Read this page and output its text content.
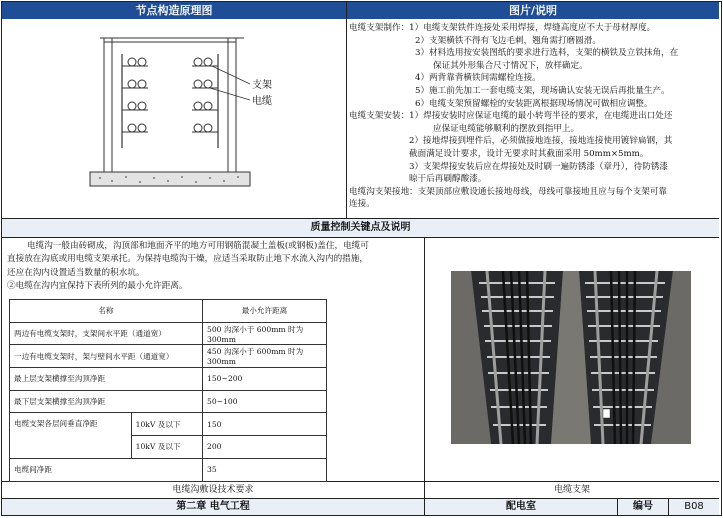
节点构造原理图	图片/说明
支架
电缆
电缆支架制作：1）电缆支架铁件连接处采用焊接，焊缝高度应不大于母材厚度。
2）支架横铁不得有飞边毛刺，翘角需打磨圆滑。
3）材料选用按安装图纸的要求进行选料，支架的横铁及立铁抹角，在
保证其外形集合尺寸情况下，放样确定。
4）两背靠背横铁间需螺栓连接。
5）施工前先加工一套电缆支架，现场确认安装无误后再批量生产。
6）电缆支架预留螺栓的安装距离根据现场情况可做相应调整。
电缆支架安装：1）焊接安装时应保证电缆的最小转弯半径的要求，在电缆进出口处还
应保证电缆能够顺利的摆放到指甲上。
2）接地焊接到埋件后，必须做接地连接，接地连接使用镀锌扁钢，其
截面满足设计要求，设计无要求时其截面采用 50mm×5mm。
3）支架焊接安装后应在焊接处及时刷一遍防锈漆（章丹），待防锈漆
晾干后再刷醇酸漆。
电缆沟支架接地：支架顶部应敷设通长接地母线，母线可靠接地且应与每个支架可靠
连接。
质量控制关键点及说明
电缆沟一般由砖砌成，沟顶部和地面齐平的地方可用钢筋混凝土盖板(或钢板)盖住，电缆可
直接放在沟底或用电缆支架承托。为保持电缆沟干燥，应适当采取防止地下水流入沟内的措施，
还应在沟内设置适当数量的积水坑。
②电缆在沟内宜保持下表所列的最小允许距离。
名称		最小允许距离
两边有电缆支架时，支架间水平距（通道宽）		500 沟深小于 600mm 时为 300mm
一边有电缆支架时，架与壁间水平距（通道宽）		450 沟深小于 600mm 时为 300mm
最上层支架横撑至沟顶净距		150~200
最下层支架横撑至沟顶净距		50~100
电缆支架各层间垂直净距	10kV 及以下	150
	10kV 及以下	200
电缆间净距		35
电缆沟敷设技术要求	电缆支架
第二章 电气工程	配电室	编号	B08
